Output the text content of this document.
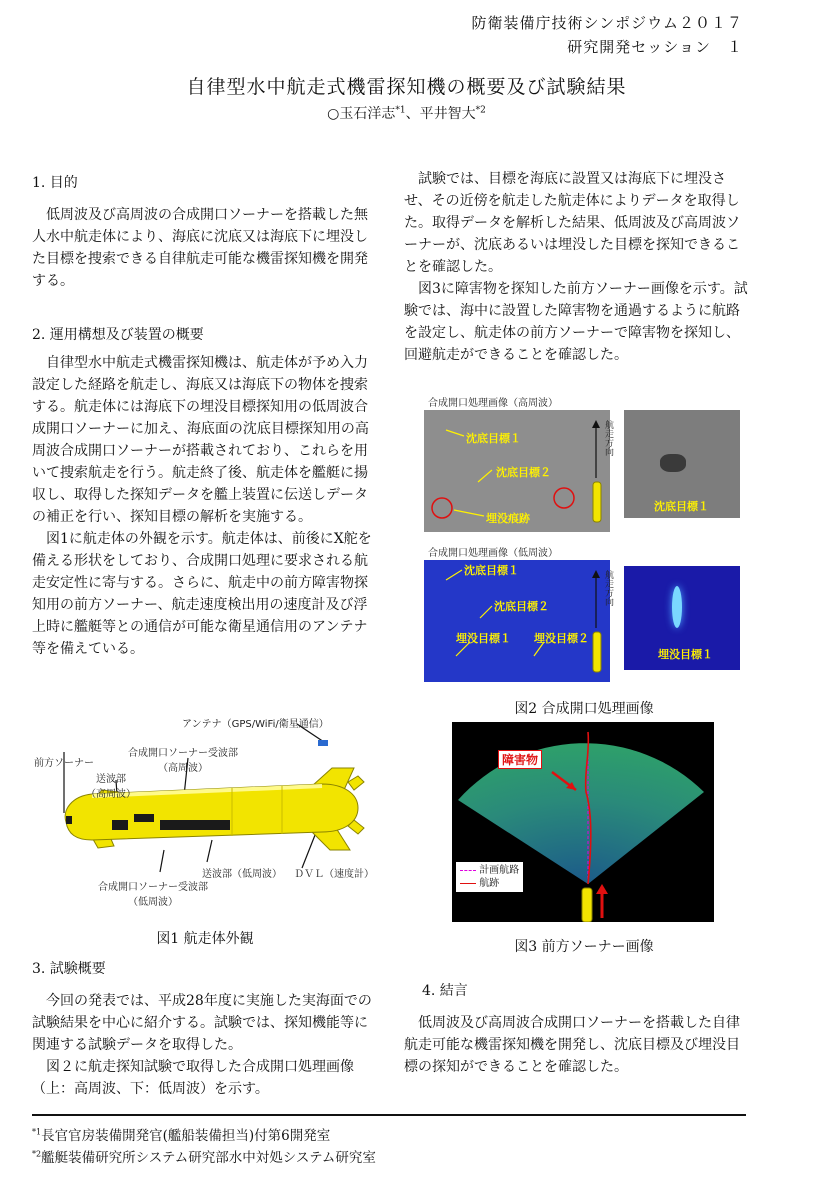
防衛装備庁技術シンポジウム２０１７
研究開発セッション　１
自律型水中航走式機雷探知機の概要及び試験結果
○玉石洋志$^{*1}$、平井智大$^{*2}$
1. 目的

低周波及び高周波の合成開口ソーナーを搭載した無人水中航走体により、海底に沈底又は海底下に埋没した目標を捜索できる自律航走可能な機雷探知機を開発する。

2. 運用構想及び装置の概要

自律型水中航走式機雷探知機は、航走体が予め入力設定した経路を航走し、海底又は海底下の物体を捜索する。航走体には海底下の埋没目標探知用の低周波合成開口ソーナーに加え、海底面の沈底目標探知用の高周波合成開口ソーナーが搭載されており、これらを用いて捜索航走を行う。航走終了後、航走体を艦艇に揚収し、取得した探知データを艦上装置に伝送しデータの補正を行い、探知目標の解析を実施する。

図1に航走体の外観を示す。航走体は、前後にX舵を備える形状をしており、合成開口処理に要求される航走安定性に寄与する。さらに、航走中の前方障害物探知用の前方ソーナー、航走速度検出用の速度計及び浮上時に艦艇等との通信が可能な衛星通信用のアンテナ等を備えている。

アンテナ（GPS/WiFi/衛星通信）
前方ソーナー
送波部
（高周波）
合成開口ソーナー受波部
（高周波）
送波部（低周波） ＤＶＬ（速度計）
合成開口ソーナー受波部
（低周波）
図1 航走体外観
3. 試験概要

今回の発表では、平成28年度に実施した実海面での試験結果を中心に紹介する。試験では、探知機能等に関連する試験データを取得した。

図２に航走探知試験で取得した合成開口処理画像（上：高周波、下：低周波）を示す。

試験では、目標を海底に設置又は海底下に埋没させ、その近傍を航走した航走体によりデータを取得した。取得データを解析した結果、低周波及び高周波ソーナーが、沈底あるいは埋没した目標を探知できることを確認した。

図3に障害物を探知した前方ソーナー画像を示す。試験では、海中に設置した障害物を通過するように航路を設定し、航走体の前方ソーナーで障害物を探知し、回避航走ができることを確認した。

合成開口処理画像（高周波）
沈底目標１
沈底目標２
埋没痕跡
航走方向
沈底目標１
合成開口処理画像（低周波）
沈底目標１
沈底目標２
埋没目標１ 埋没目標２
航走方向
埋没目標１
図2 合成開口処理画像
障害物
計画航路
航跡
図3 前方ソーナー画像
4. 結言

低周波及び高周波合成開口ソーナーを搭載した自律航走可能な機雷探知機を開発し、沈底目標及び埋没目標の探知ができることを確認した。

$^{*1}$長官官房装備開発官(艦船装備担当)付第6開発室
$^{*2}$艦艇装備研究所システム研究部水中対処システム研究室
